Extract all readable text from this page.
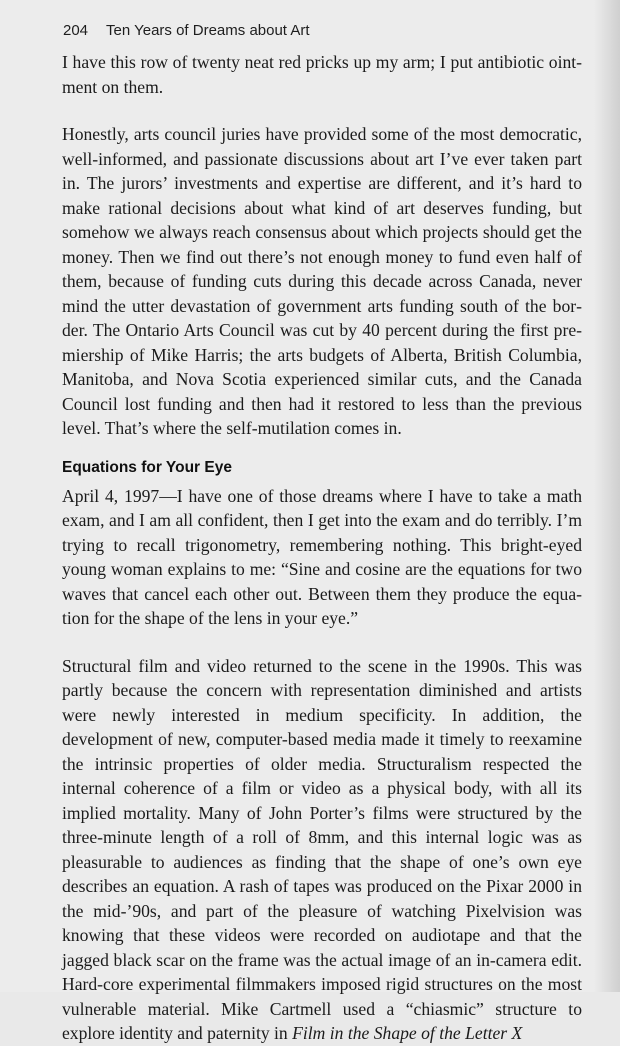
204 Ten Years of Dreams about Art

I have this row of twenty neat red pricks up my arm; I put antibiotic ointment on them.

Honestly, arts council juries have provided some of the most democratic, well-informed, and passionate discussions about art I’ve ever taken part in. The jurors’ investments and expertise are different, and it’s hard to make rational decisions about what kind of art deserves funding, but somehow we always reach consensus about which projects should get the money. Then we find out there’s not enough money to fund even half of them, because of funding cuts during this decade across Canada, never mind the utter devastation of government arts funding south of the border. The Ontario Arts Council was cut by 40 percent during the first premiership of Mike Harris; the arts budgets of Alberta, British Columbia, Manitoba, and Nova Scotia experienced similar cuts, and the Canada Council lost funding and then had it restored to less than the previous level. That’s where the self-mutilation comes in.

Equations for Your Eye

April 4, 1997—I have one of those dreams where I have to take a math exam, and I am all confident, then I get into the exam and do terribly. I’m trying to recall trigonometry, remembering nothing. This bright-eyed young woman explains to me: “Sine and cosine are the equations for two waves that cancel each other out. Between them they produce the equation for the shape of the lens in your eye.”

Structural film and video returned to the scene in the 1990s. This was partly because the concern with representation diminished and artists were newly interested in medium specificity. In addition, the development of new, computer-based media made it timely to reexamine the intrinsic properties of older media. Structuralism respected the internal coherence of a film or video as a physical body, with all its implied mortality. Many of John Porter’s films were structured by the three-minute length of a roll of 8mm, and this internal logic was as pleasurable to audiences as finding that the shape of one’s own eye describes an equation. A rash of tapes was produced on the Pixar 2000 in the mid-’90s, and part of the pleasure of watching Pixelvision was knowing that these videos were recorded on audiotape and that the jagged black scar on the frame was the actual image of an in-camera edit. Hard-core experimental filmmakers imposed rigid structures on the most vulnerable material. Mike Cartmell used a “chiasmic” structure to explore identity and paternity in Film in the Shape of the Letter X
